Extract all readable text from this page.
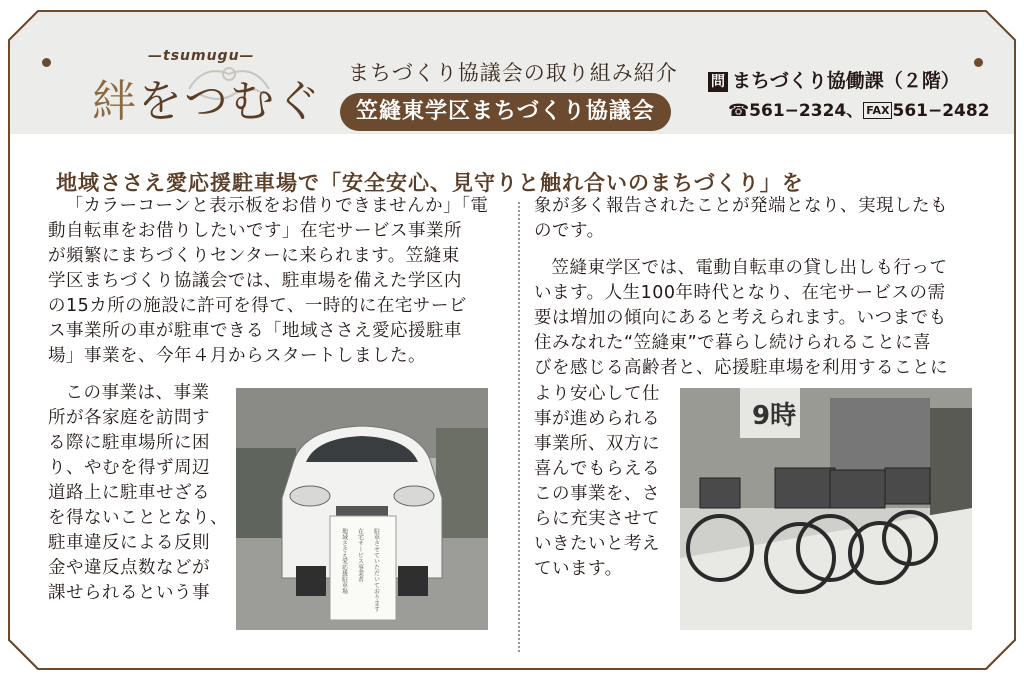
—tsumugu—
絆をつむぐ
まちづくり協議会の取り組み紹介
笠縫東学区まちづくり協議会
問 まちづくり協働課（２階）
☎561−2324、 FAX 561−2482
地域ささえ愛応援駐車場で「安全安心、見守りと触れ合いのまちづくり」を
「カラーコーンと表示板をお借りできませんか」「電
動自転車をお借りしたいです」在宅サービス事業所
が頻繁にまちづくりセンターに来られます。笠縫東
学区まちづくり協議会では、駐車場を備えた学区内
の15カ所の施設に許可を得て、一時的に在宅サービ
ス事業所の車が駐車できる「地域ささえ愛応援駐車
場」事業を、今年４月からスタートしました。
この事業は、事業
所が各家庭を訪問す
る際に駐車場所に困
り、やむを得ず周辺
道路上に駐車せざる
を得ないこととなり、
駐車違反による反則
金や違反点数などが
課せられるという事	地域ささえ愛応援駐車場 在宅サービス事業者 駐車させていただいております
象が多く報告されたことが発端となり、実現したも
のです。
笠縫東学区では、電動自転車の貸し出しも行って
います。人生100年時代となり、在宅サービスの需
要は増加の傾向にあると考えられます。いつまでも
住みなれた“笠縫東”で暮らし続けられることに喜
びを感じる高齢者と、応援駐車場を利用することに
より安心して仕
事が進められる
事業所、双方に
喜んでもらえる
この事業を、さ
らに充実させて
いきたいと考え
ています。
9時
